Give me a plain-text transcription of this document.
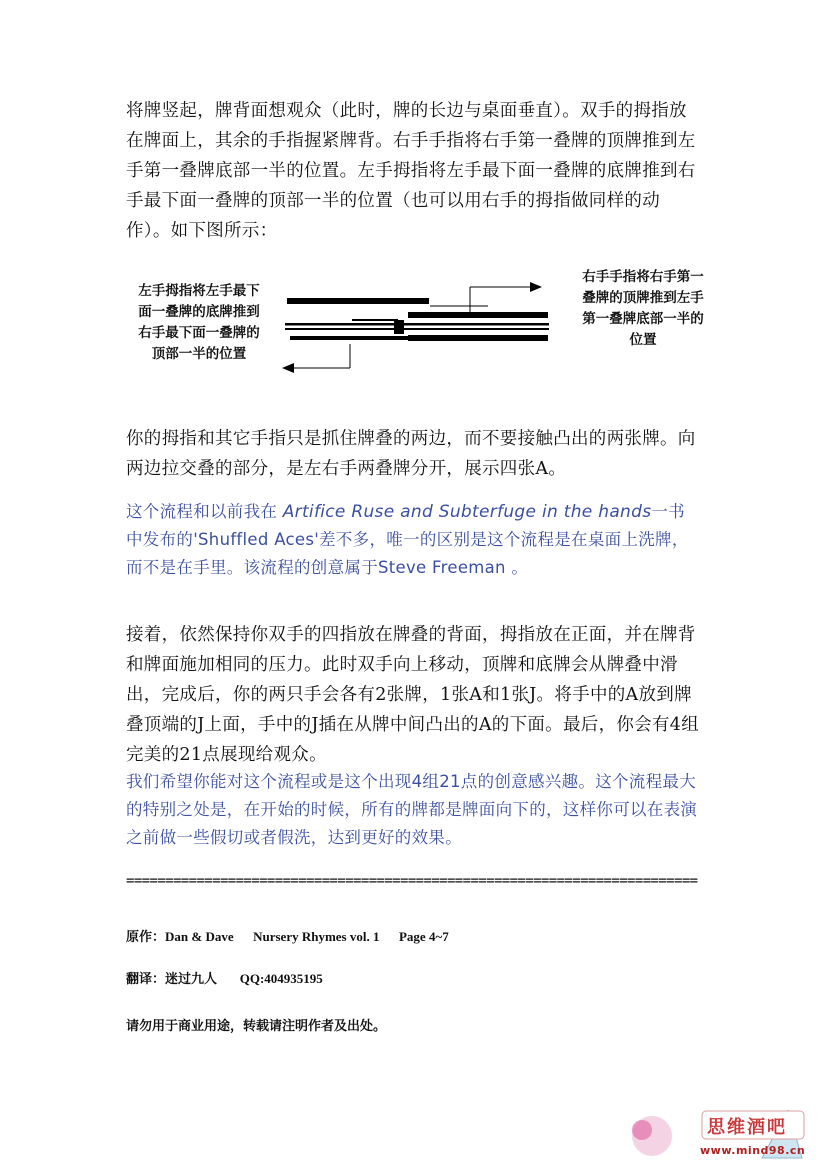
将牌竖起，牌背面想观众（此时，牌的长边与桌面垂直）。双手的拇指放在牌面上，其余的手指握紧牌背。右手手指将右手第一叠牌的顶牌推到左手第一叠牌底部一半的位置。左手拇指将左手最下面一叠牌的底牌推到右手最下面一叠牌的顶部一半的位置（也可以用右手的拇指做同样的动作）。如下图所示：

左手拇指将左手最下面一叠牌的底牌推到右手最下面一叠牌的顶部一半的位置

右手手指将右手第一叠牌的顶牌推到左手第一叠牌底部一半的位置

你的拇指和其它手指只是抓住牌叠的两边，而不要接触凸出的两张牌。向两边拉交叠的部分，是左右手两叠牌分开，展示四张A。

这个流程和以前我在 Artifice Ruse and Subterfuge in the hands一书中发布的'Shuffled Aces'差不多，唯一的区别是这个流程是在桌面上洗牌，而不是在手里。该流程的创意属于Steve Freeman 。

接着，依然保持你双手的四指放在牌叠的背面，拇指放在正面，并在牌背和牌面施加相同的压力。此时双手向上移动，顶牌和底牌会从牌叠中滑出，完成后，你的两只手会各有2张牌，1张A和1张J。将手中的A放到牌叠顶端的J上面，手中的J插在从牌中间凸出的A的下面。最后，你会有4组完美的21点展现给观众。

我们希望你能对这个流程或是这个出现4组21点的创意感兴趣。这个流程最大的特别之处是，在开始的时候，所有的牌都是牌面向下的，这样你可以在表演之前做一些假切或者假洗，达到更好的效果。

=========================================================================

原作：Dan & Dave      Nursery Rhymes vol. 1      Page 4~7

翻译：迷过九人       QQ:404935195

请勿用于商业用途，转载请注明作者及出处。

思维酒吧
www.mind98.cn
